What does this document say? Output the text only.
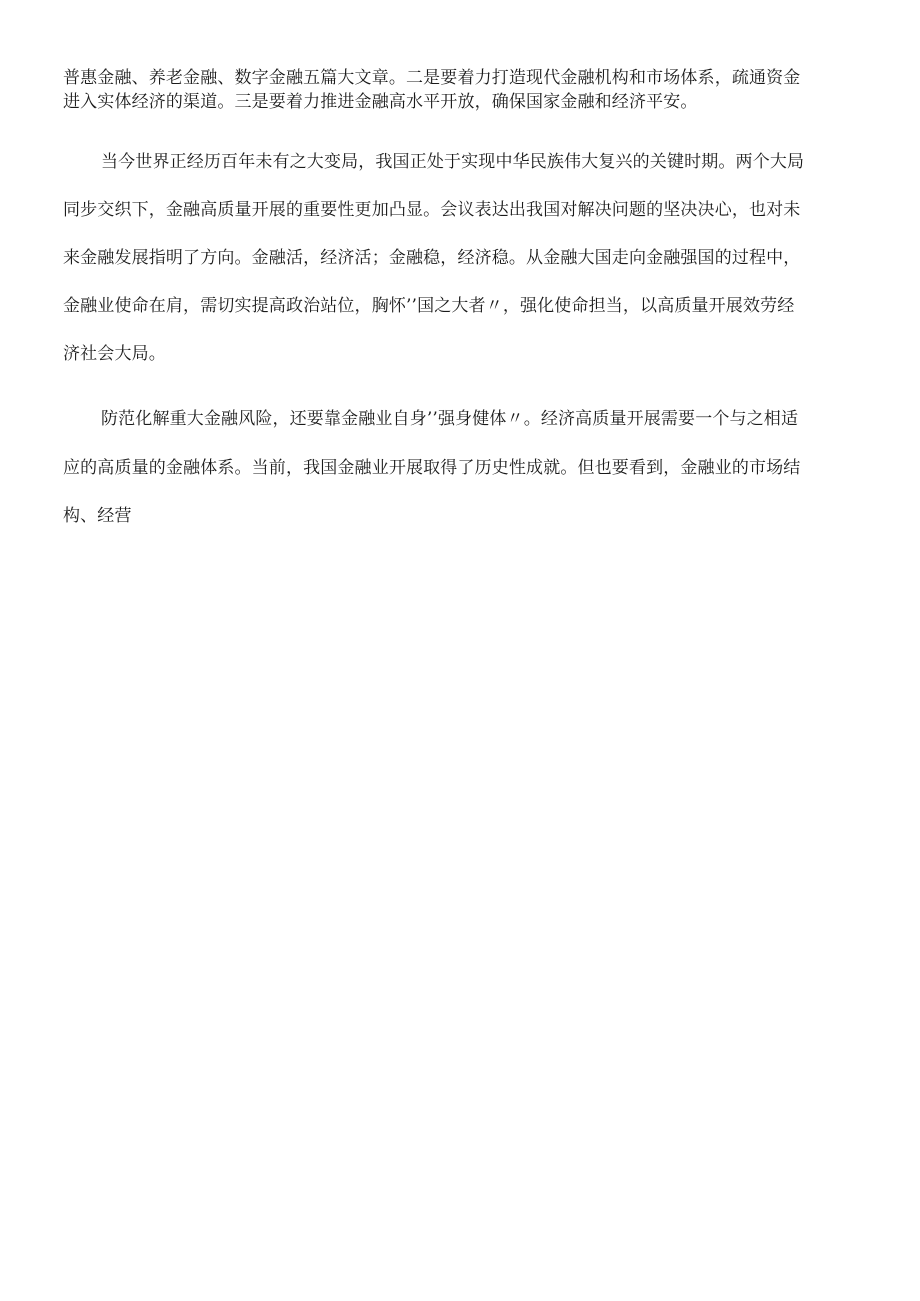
普惠金融、养老金融、数字金融五篇大文章。二是要着力打造现代金融机构和市场体系，疏通资金
进入实体经济的渠道。三是要着力推进金融高水平开放，确保国家金融和经济平安。
当今世界正经历百年未有之大变局，我国正处于实现中华民族伟大复兴的关键时期。两个大局
同步交织下，金融高质量开展的重要性更加凸显。会议表达出我国对解决问题的坚决决心，也对未
来金融发展指明了方向。金融活，经济活；金融稳，经济稳。从金融大国走向金融强国的过程中，
金融业使命在肩，需切实提高政治站位，胸怀’’国之大者〃，强化使命担当，以高质量开展效劳经
济社会大局。
防范化解重大金融风险，还要靠金融业自身’’强身健体〃。经济高质量开展需要一个与之相适
应的高质量的金融体系。当前，我国金融业开展取得了历史性成就。但也要看到，金融业的市场结
构、经营
